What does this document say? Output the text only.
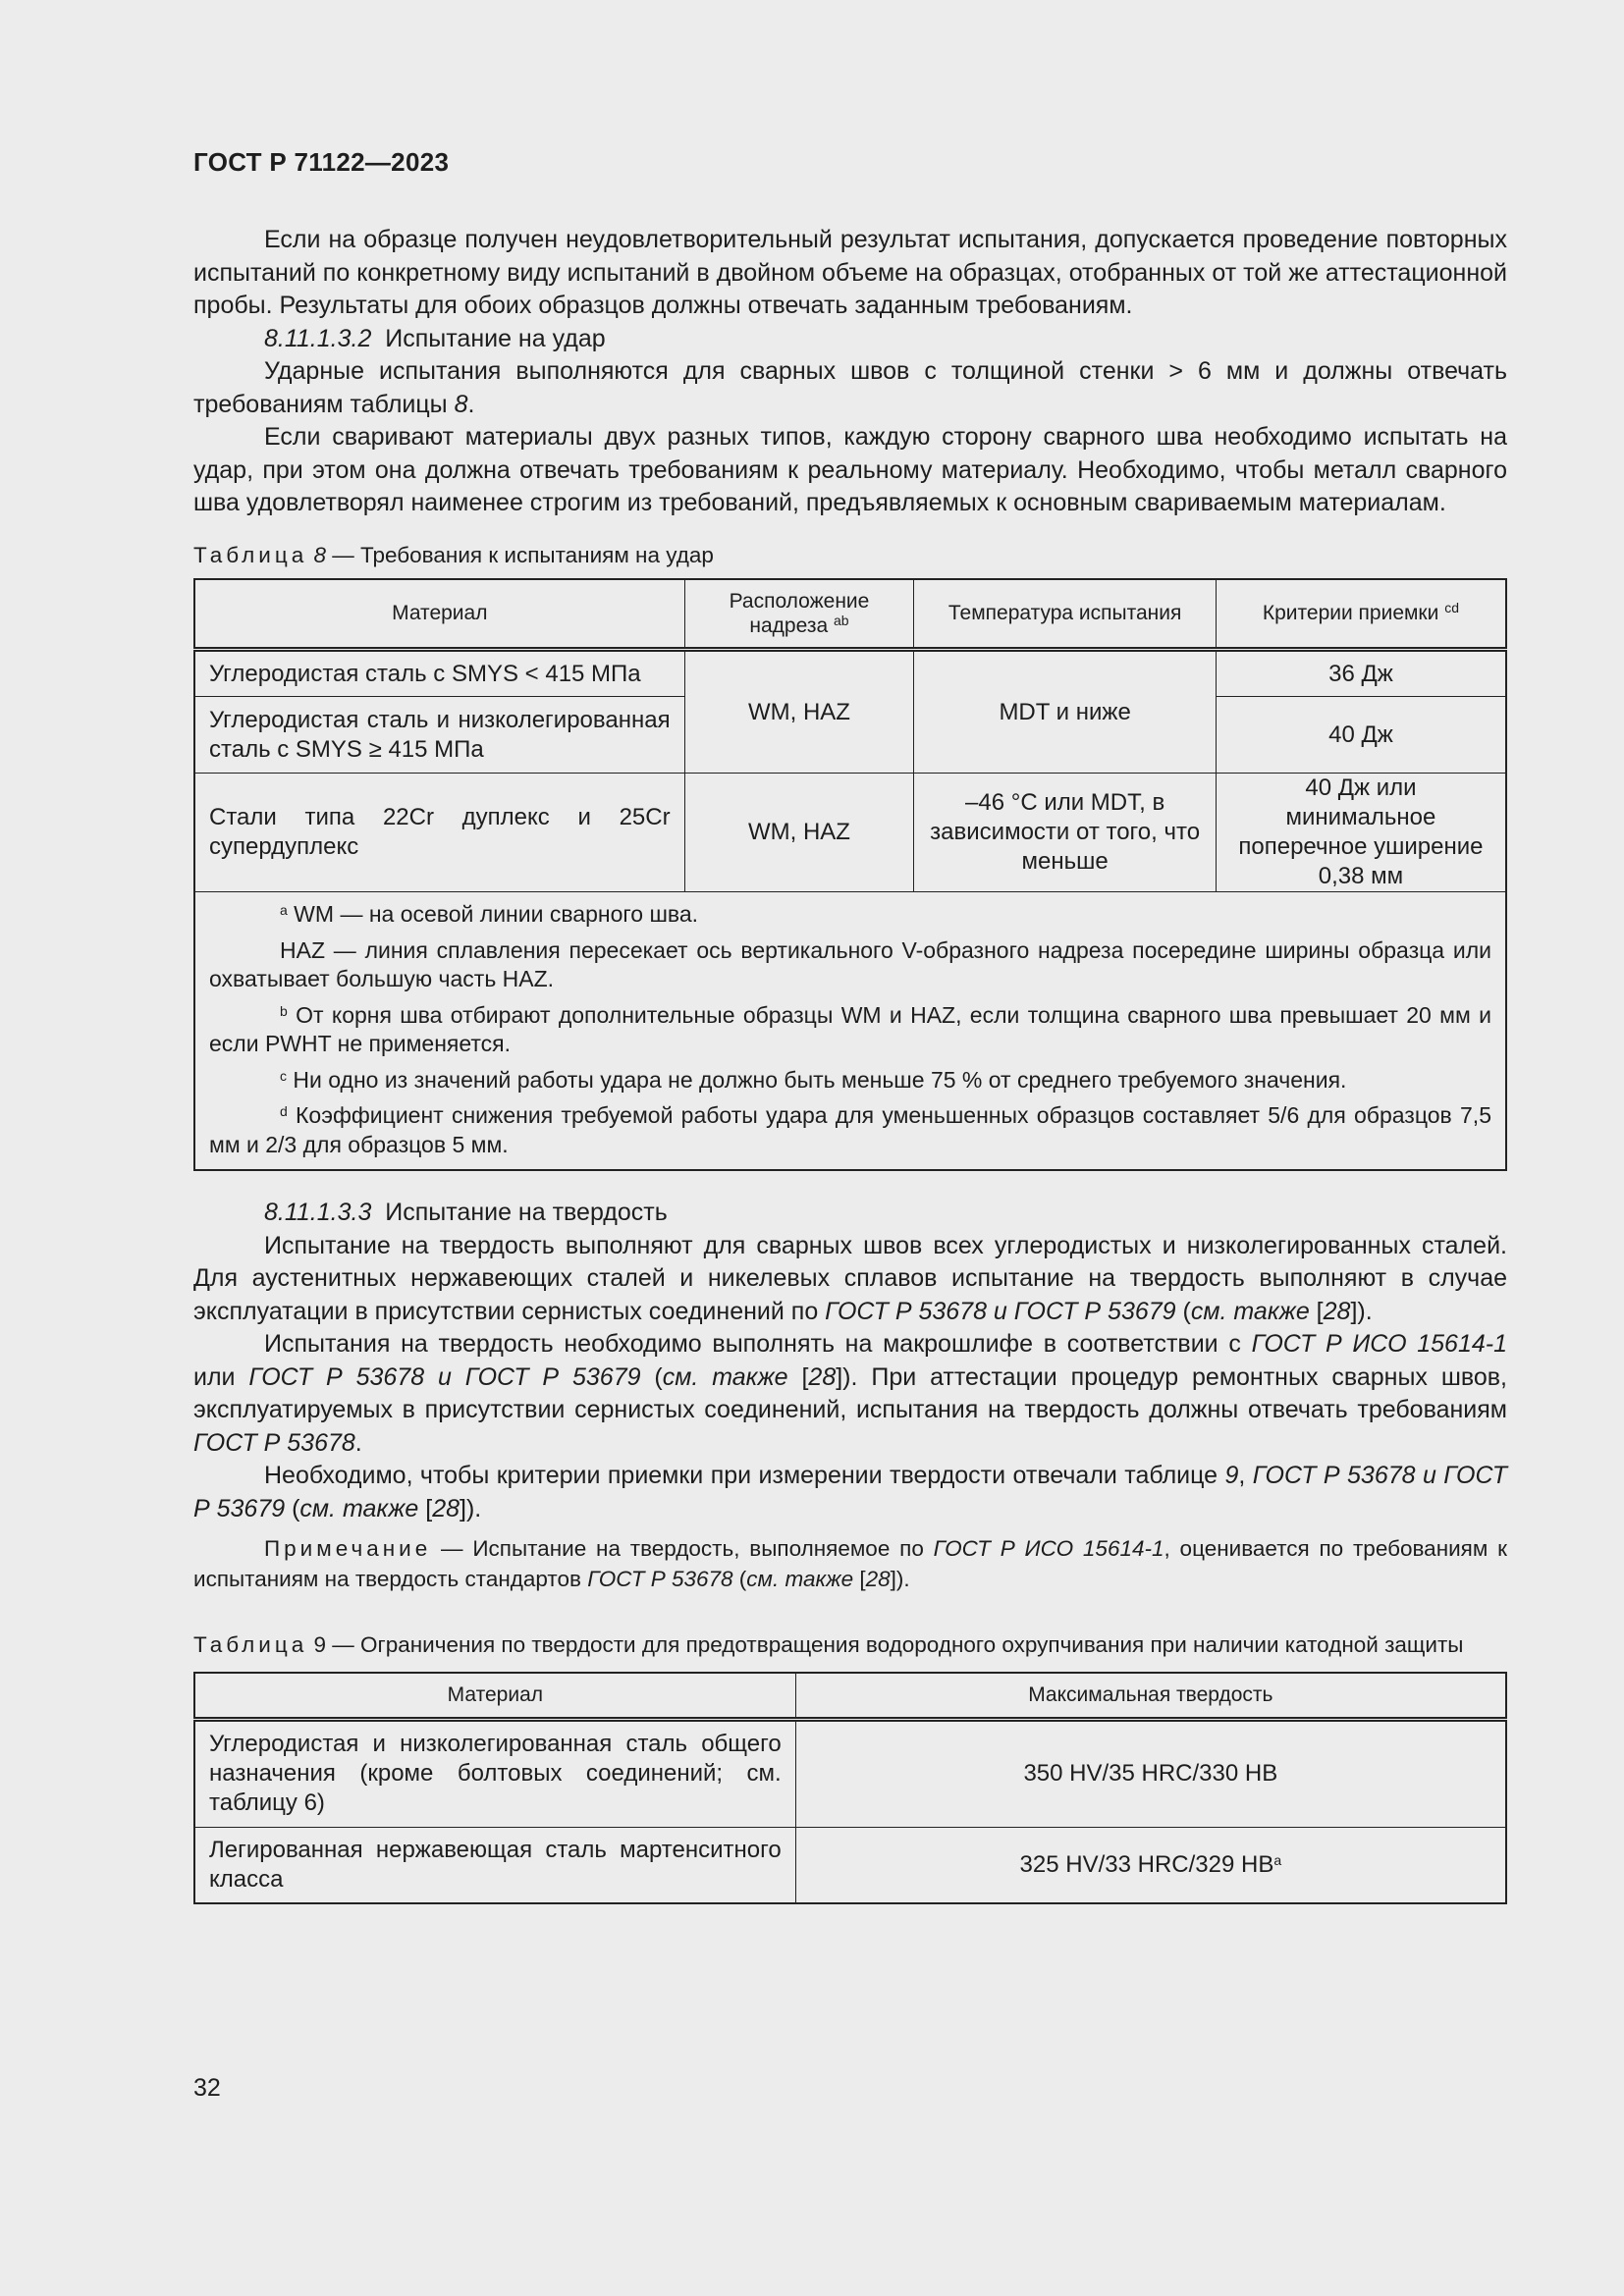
ГОСТ Р 71122—2023

Если на образце получен неудовлетворительный результат испытания, допускается проведение повторных испытаний по конкретному виду испытаний в двойном объеме на образцах, отобранных от той же аттестационной пробы. Результаты для обоих образцов должны отвечать заданным требованиям.

8.11.1.3.2 Испытание на удар

Ударные испытания выполняются для сварных швов с толщиной стенки > 6 мм и должны отвечать требованиям таблицы 8.

Если сваривают материалы двух разных типов, каждую сторону сварного шва необходимо испытать на удар, при этом она должна отвечать требованиям к реальному материалу. Необходимо, чтобы металл сварного шва удовлетворял наименее строгим из требований, предъявляемых к основным свариваемым материалам.

Таблица 8 — Требования к испытаниям на удар

Материал	Расположение надреза $^{ab}$	Температура испытания	Критерии приемки $^{cd}$
Углеродистая сталь с SMYS < 415 МПа	WM, HAZ	MDT и ниже	36 Дж
Углеродистая сталь и низколегированная сталь с SMYS ≥ 415 МПа			40 Дж
Стали типа 22Cr дуплекс и 25Cr супердуплекс	WM, HAZ	–46 °С или MDT, в зависимости от того, что меньше	40 Дж или минимальное поперечное уширение 0,38 мм

$^a$ WM — на осевой линии сварного шва.

HAZ — линия сплавления пересекает ось вертикального V-образного надреза посередине ширины образца или охватывает большую часть HAZ.

$^b$ От корня шва отбирают дополнительные образцы WM и HAZ, если толщина сварного шва превышает 20 мм и если PWHT не применяется.

$^c$ Ни одно из значений работы удара не должно быть меньше 75 % от среднего требуемого значения.

$^d$ Коэффициент снижения требуемой работы удара для уменьшенных образцов составляет 5/6 для образцов 7,5 мм и 2/3 для образцов 5 мм.			

8.11.1.3.3 Испытание на твердость

Испытание на твердость выполняют для сварных швов всех углеродистых и низколегированных сталей. Для аустенитных нержавеющих сталей и никелевых сплавов испытание на твердость выполняют в случае эксплуатации в присутствии сернистых соединений по ГОСТ Р 53678 и ГОСТ Р 53679 (см. также [28]).

Испытания на твердость необходимо выполнять на макрошлифе в соответствии с ГОСТ Р ИСО 15614-1 или ГОСТ Р 53678 и ГОСТ Р 53679 (см. также [28]). При аттестации процедур ремонтных сварных швов, эксплуатируемых в присутствии сернистых соединений, испытания на твердость должны отвечать требованиям ГОСТ Р 53678.

Необходимо, чтобы критерии приемки при измерении твердости отвечали таблице 9, ГОСТ Р 53678 и ГОСТ Р 53679 (см. также [28]).

Примечание — Испытание на твердость, выполняемое по ГОСТ Р ИСО 15614-1, оценивается по требованиям к испытаниям на твердость стандартов ГОСТ Р 53678 (см. также [28]).

Таблица 9 — Ограничения по твердости для предотвращения водородного охрупчивания при наличии катодной защиты

Материал	Максимальная твердость
Углеродистая и низколегированная сталь общего назначения (кроме болтовых соединений; см. таблицу 6)	350 HV/35 HRC/330 HB
Легированная нержавеющая сталь мартенситного класса	325 HV/33 HRC/329 $HB^a$
32
